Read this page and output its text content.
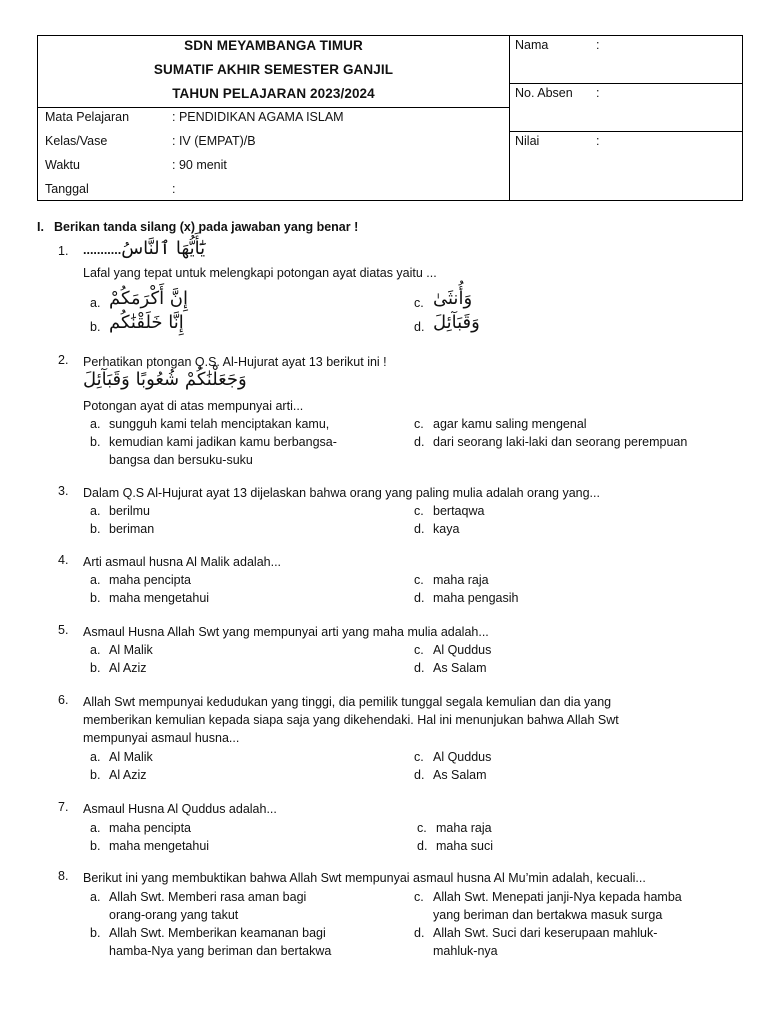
SDN MEYAMBANGA TIMUR
SUMATIF AKHIR SEMESTER GANJIL
TAHUN PELAJARAN 2023/2024
Mata Pelajaran	: PENDIDIKAN AGAMA ISLAM
Kelas/Vase	: IV (EMPAT)/B
Waktu	: 90 menit
Tanggal	:
Nama	:
No. Absen :
Nilai	:
I. Berikan tanda silang (x) pada jawaban yang benar !
1. ...........يَٰٓأَيُّهَا ٱلنَّاسُ
Lafal yang tepat untuk melengkapi potongan ayat diatas yaitu ...
a. إِنَّ أَكْرَمَكُمْ
b. إِنَّا خَلَقْنَٰكُم
c. وَأُنثَىٰ
d. وَقَبَآئِلَ
2. Perhatikan ptongan Q.S. Al-Hujurat ayat 13 berikut ini !
وَجَعَلْنَٰكُمْ شُعُوبًا وَقَبَآئِلَ
Potongan ayat di atas mempunyai arti...
a. sungguh kami telah menciptakan kamu,
b. kemudian kami jadikan kamu berbangsa-
bangsa dan bersuku-suku
c. agar kamu saling mengenal
d. dari seorang laki-laki dan seorang perempuan
3. Dalam Q.S Al-Hujurat ayat 13 dijelaskan bahwa orang yang paling mulia adalah orang yang...
a. berilmu
b. beriman
c. bertaqwa
d. kaya
4. Arti asmaul husna Al Malik adalah...
a. maha pencipta
b. maha mengetahui
c. maha raja
d. maha pengasih
5. Asmaul Husna Allah Swt yang mempunyai arti yang maha mulia adalah...
a. Al Malik
b. Al Aziz
c. Al Quddus
d. As Salam
6. Allah Swt mempunyai kedudukan yang tinggi, dia pemilik tunggal segala kemulian dan dia yang
memberikan kemulian kepada siapa saja yang dikehendaki. Hal ini menunjukan bahwa Allah Swt
mempunyai asmaul husna...
a. Al Malik
b. Al Aziz
c. Al Quddus
d. As Salam
7. Asmaul Husna Al Quddus adalah...
a. maha pencipta
b. maha mengetahui
c. maha raja
d. maha suci
8. Berikut ini yang membuktikan bahwa Allah Swt mempunyai asmaul husna Al Mu’min adalah, kecuali...
a. Allah Swt. Memberi rasa aman bagi
orang-orang yang takut
b. Allah Swt. Memberikan keamanan bagi
hamba-Nya yang beriman dan bertakwa
c. Allah Swt. Menepati janji-Nya kepada hamba
yang beriman dan bertakwa masuk surga
d. Allah Swt. Suci dari keserupaan mahluk-
mahluk-nya
